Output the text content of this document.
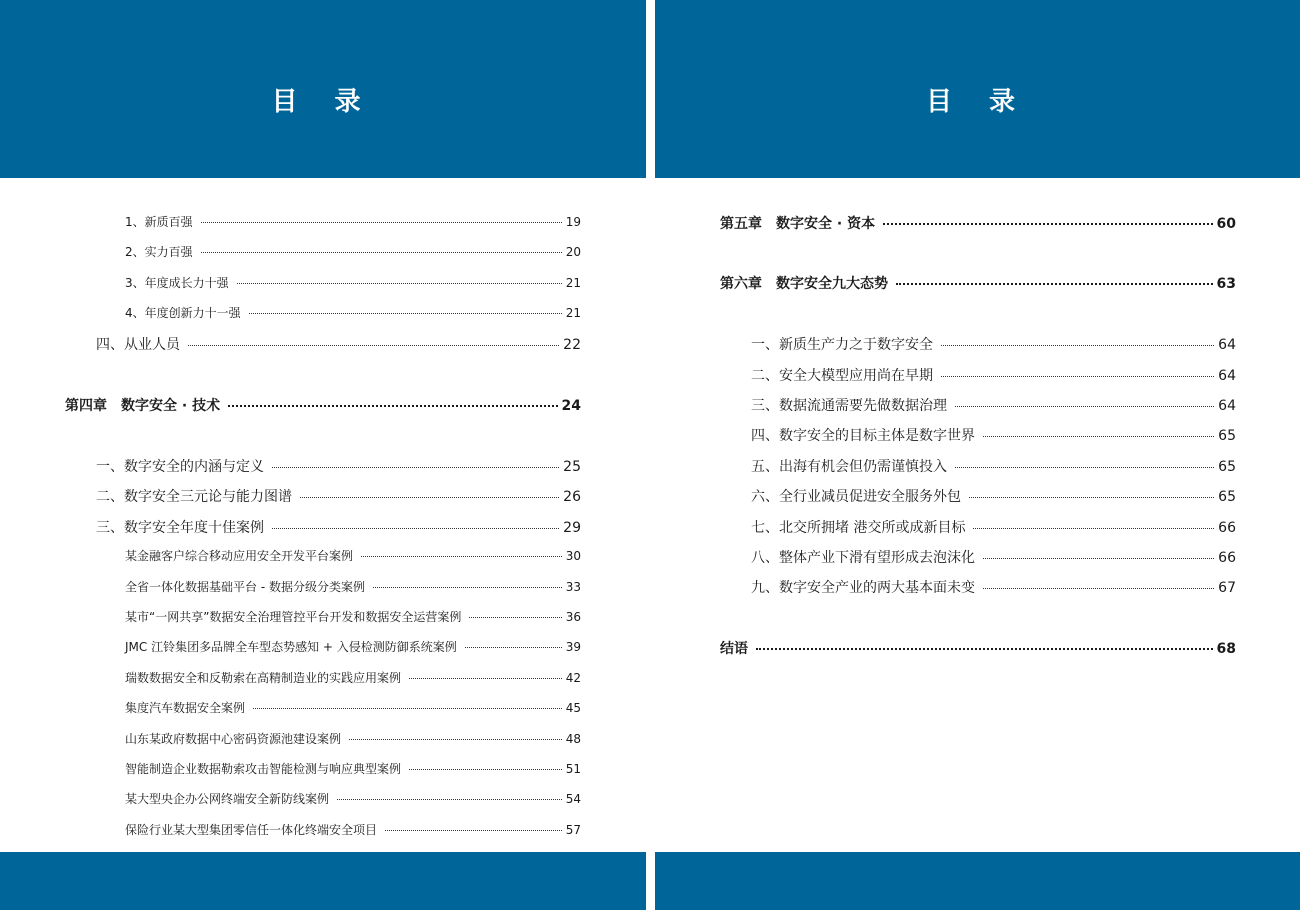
目 录
1、新质百强	19
2、实力百强	20
3、年度成长力十强	21
4、年度创新力十一强	21
四、从业人员	22
第四章　数字安全 · 技术	24
一、数字安全的内涵与定义	25
二、数字安全三元论与能力图谱	26
三、数字安全年度十佳案例	29
某金融客户综合移动应用安全开发平台案例	30
全省一体化数据基础平台 - 数据分级分类案例	33
某市“一网共享”数据安全治理管控平台开发和数据安全运营案例	36
JMC 江铃集团多品牌全车型态势感知 + 入侵检测防御系统案例	39
瑞数数据安全和反勒索在高精制造业的实践应用案例	42
集度汽车数据安全案例	45
山东某政府数据中心密码资源池建设案例	48
智能制造企业数据勒索攻击智能检测与响应典型案例	51
某大型央企办公网终端安全新防线案例	54
保险行业某大型集团零信任一体化终端安全项目	57
目 录
第五章　数字安全 · 资本	60
第六章　数字安全九大态势	63
一、新质生产力之于数字安全	64
二、安全大模型应用尚在早期	64
三、数据流通需要先做数据治理	64
四、数字安全的目标主体是数字世界	65
五、出海有机会但仍需谨慎投入	65
六、全行业减员促进安全服务外包	65
七、北交所拥堵 港交所或成新目标	66
八、整体产业下滑有望形成去泡沫化	66
九、数字安全产业的两大基本面未变	67
结语	68
